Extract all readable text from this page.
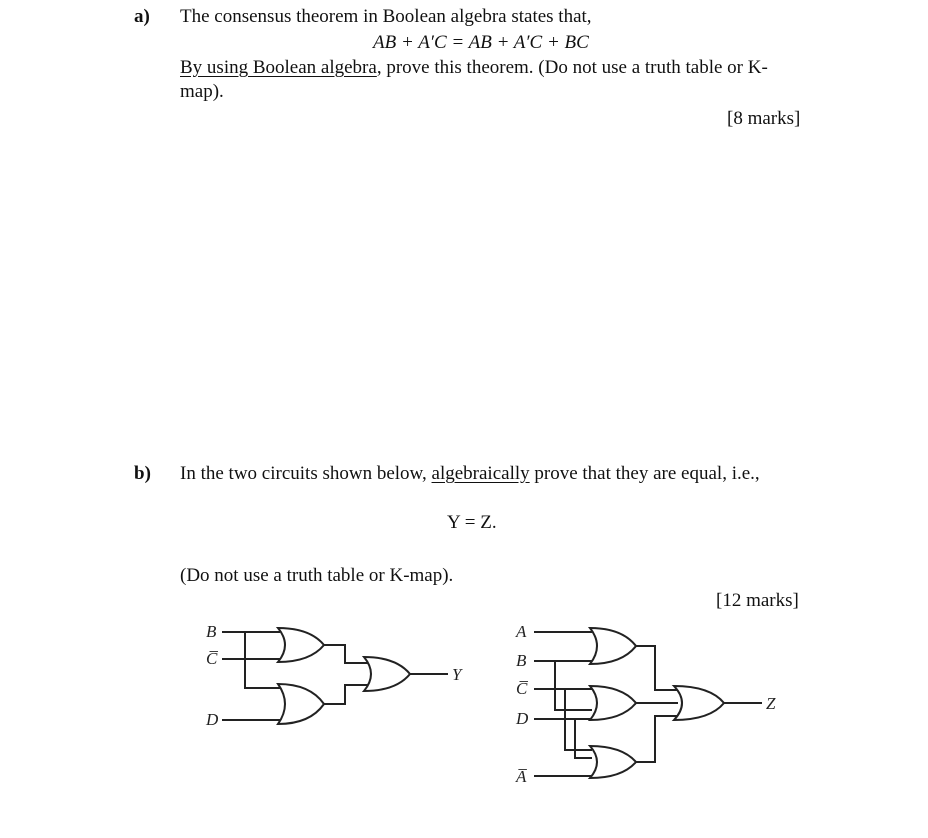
a) The consensus theorem in Boolean algebra states that,
AB + A′C = AB + A′C + BC
By using Boolean algebra, prove this theorem. (Do not use a truth table or K-
map).
[8 marks]
b) In the two circuits shown below, algebraically prove that they are equal, i.e.,
Y = Z.
(Do not use a truth table or K-map).
[12 marks]
B
C̅
D
Y
A
B
C̅
D
A̅
Z
